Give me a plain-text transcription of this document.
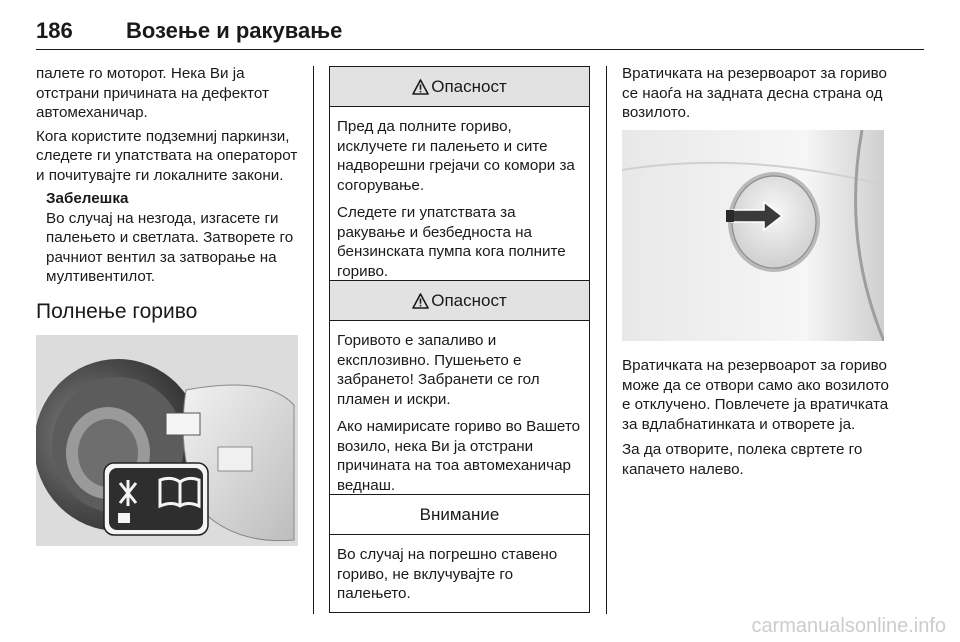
186 Возење и ракување

палете го моторот. Нека Ви ја отстрани причината на дефектот автомеханичар.

Кога користите подземниј паркинзи, следете ги упатствата на операторот и почитувајте ги локалните закони.

Забелешка

Во случај на незгода, изгасете ги палењето и светлата. Затворете го рачниот вентил за затворање на мултивентилот.

Полнење гориво
Опасност

Пред да полните гориво, исклучете ги палењето и сите надворешни грејачи со комори за согорување.

Следете ги упатствата за ракување и безбедноста на бензинската пумпа кога полните гориво.

Опасност

Горивото е запаливо и експлозивно. Пушењето е забрането! Забранети се гол пламен и искри.

Ако намирисате гориво во Вашето возило, нека Ви ја отстрани причината на тоа автомеханичар веднаш.

Внимание

Во случај на погрешно ставено гориво, не вклучувајте го палењето.

Вратичката на резервоарот за гориво се наоѓа на задната десна страна од возилото.

Вратичката на резервоарот за гориво може да се отвори само ако возилото е отклучено. Повлечете ја вратичката за вдлабнатинката и отворете ја.

За да отворите, полека свртете го капачето налево.

carmanualsonline.info
